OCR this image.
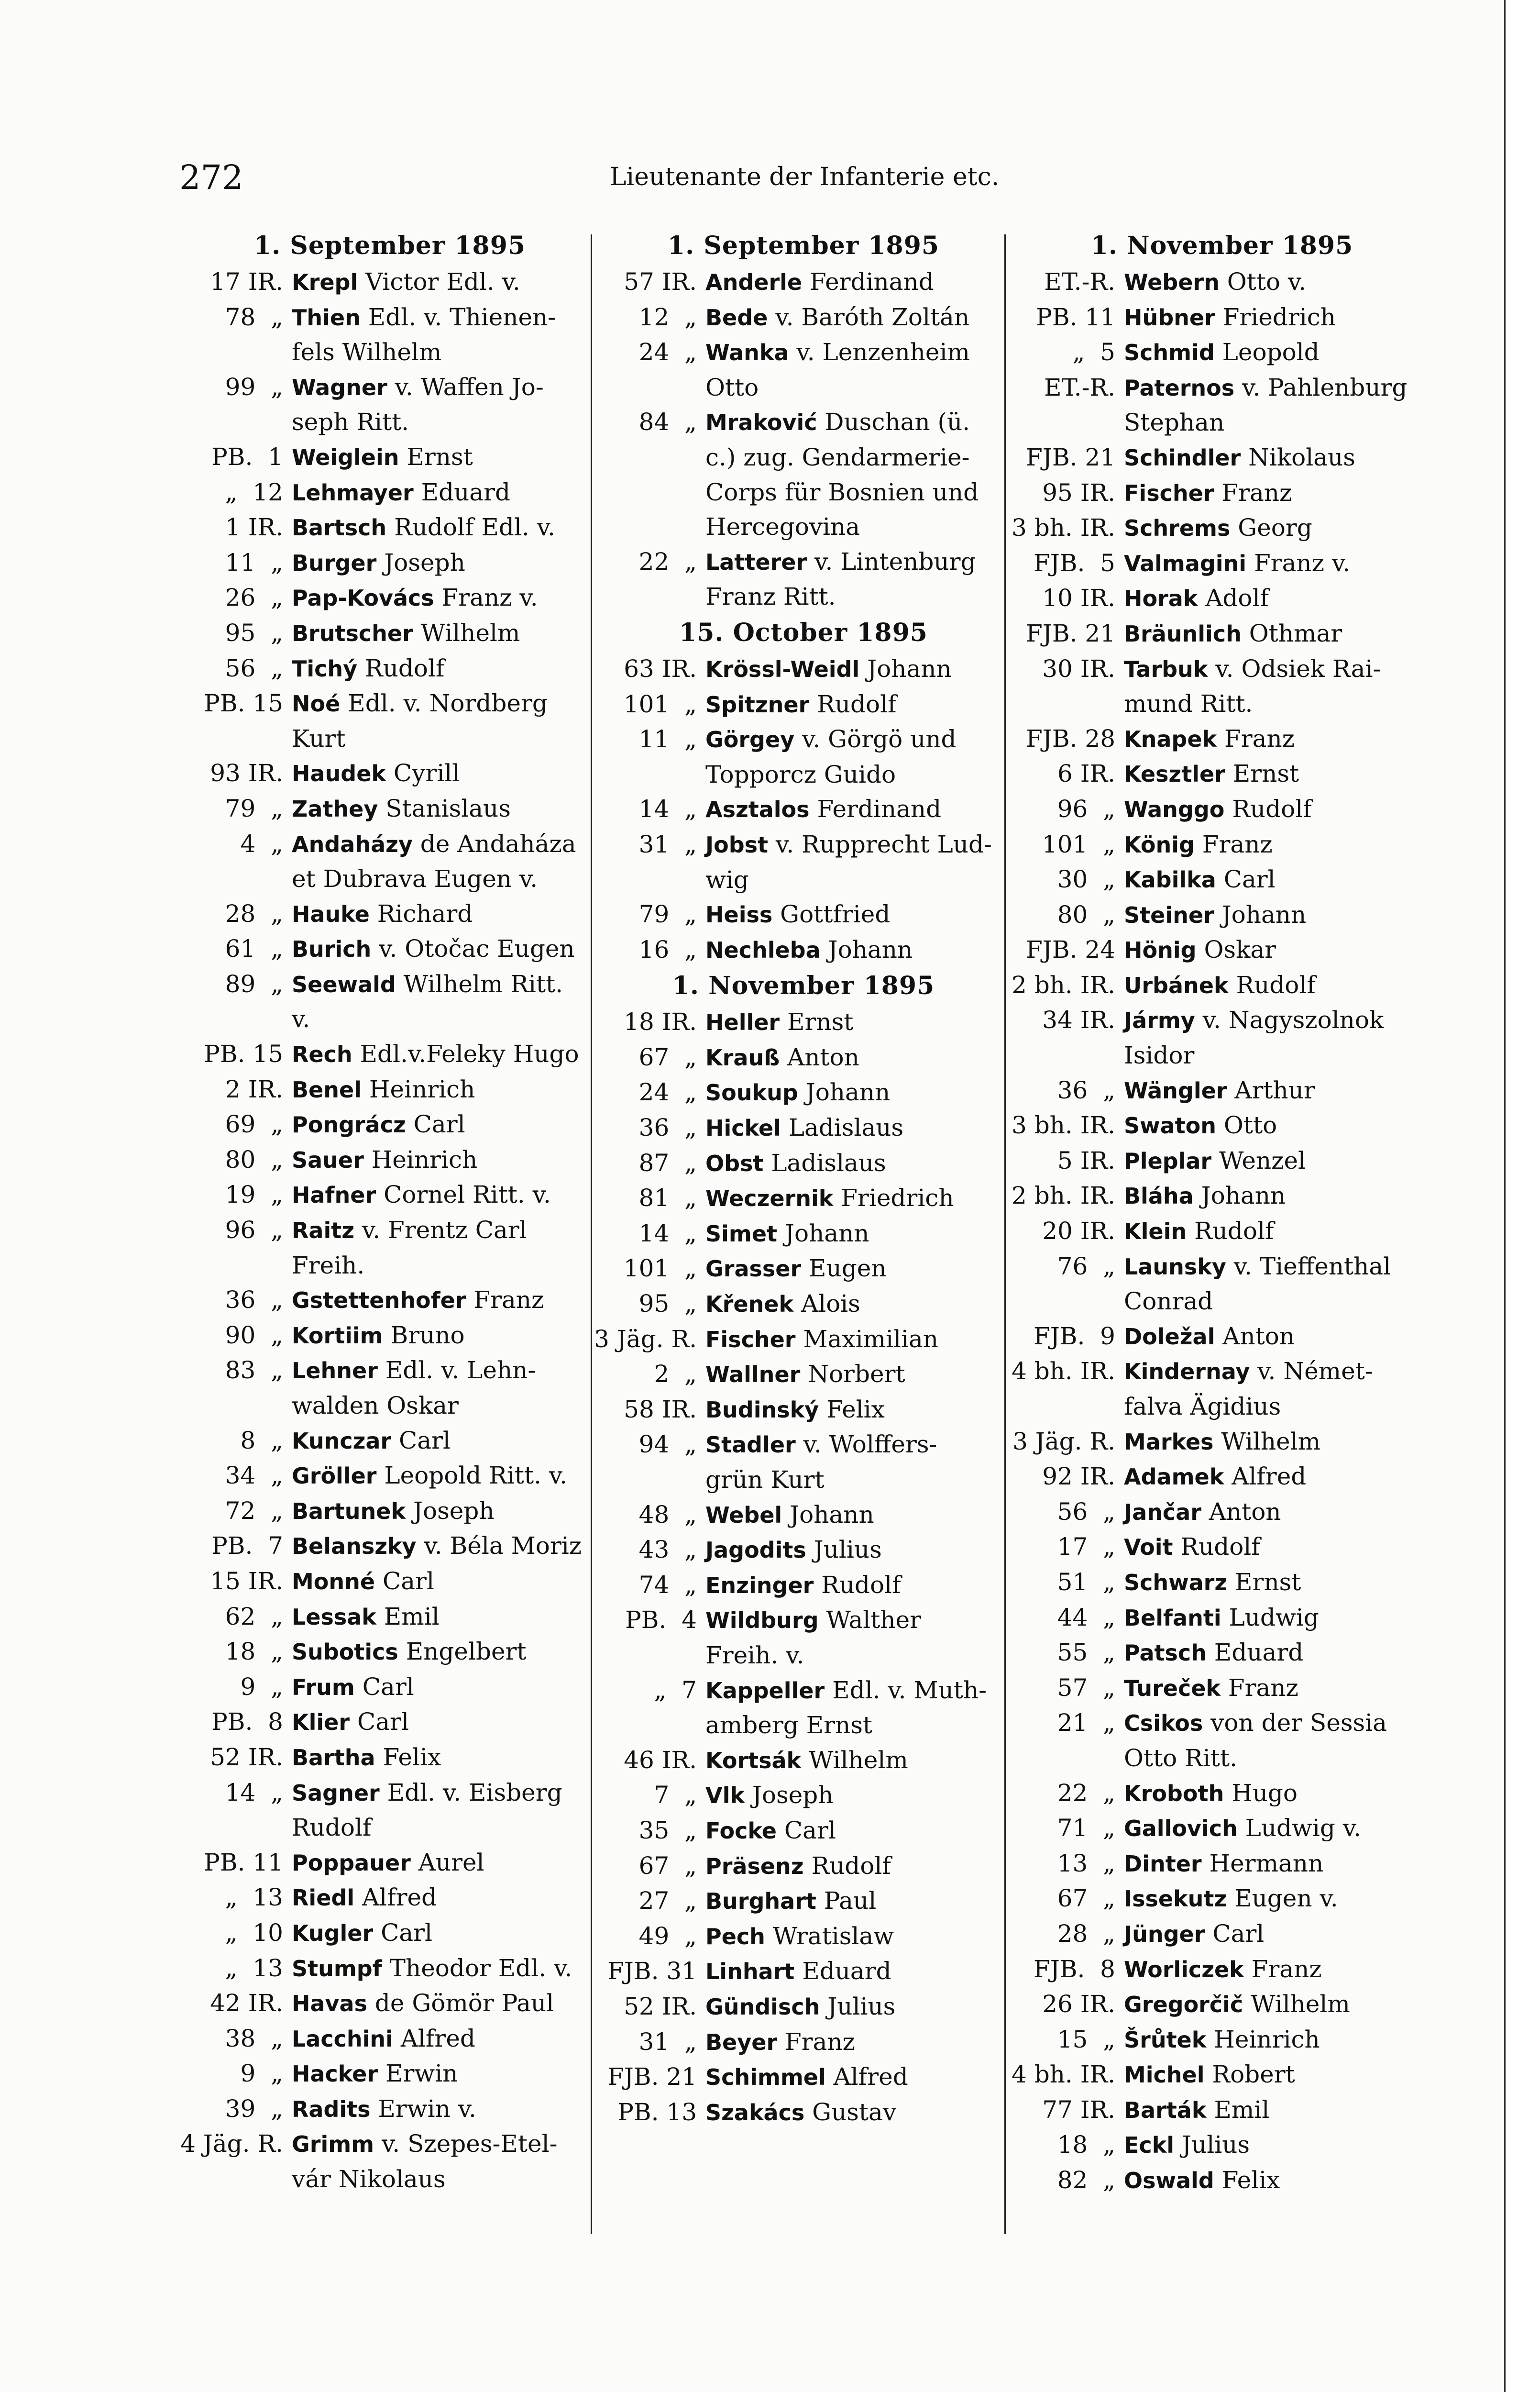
272	Lieutenante der Infanterie etc.
1. September 1895
17 IR. Krepl Victor Edl. v.
78  „ Thien Edl. v. Thienen-
fels Wilhelm
99  „ Wagner v. Waffen Jo-
seph Ritt.
PB.  1 Weiglein Ernst
„  12 Lehmayer Eduard
1 IR. Bartsch Rudolf Edl. v.
11  „ Burger Joseph
26  „ Pap-Kovács Franz v.
95  „ Brutscher Wilhelm
56  „ Tichý Rudolf
PB. 15 Noé Edl. v. Nordberg
Kurt
93 IR. Haudek Cyrill
79  „ Zathey Stanislaus
4  „ Andaházy de Andaháza
et Dubrava Eugen v.
28  „ Hauke Richard
61  „ Burich v. Otočac Eugen
89  „ Seewald Wilhelm Ritt.
v.
PB. 15 Rech Edl.v.Feleky Hugo
2 IR. Benel Heinrich
69  „ Pongrácz Carl
80  „ Sauer Heinrich
19  „ Hafner Cornel Ritt. v.
96  „ Raitz v. Frentz Carl
Freih.
36  „ Gstettenhofer Franz
90  „ Kortiim Bruno
83  „ Lehner Edl. v. Lehn-
walden Oskar
8  „ Kunczar Carl
34  „ Gröller Leopold Ritt. v.
72  „ Bartunek Joseph
PB.  7 Belanszky v. Béla Moriz
15 IR. Monné Carl
62  „ Lessak Emil
18  „ Subotics Engelbert
9  „ Frum Carl
PB.  8 Klier Carl
52 IR. Bartha Felix
14  „ Sagner Edl. v. Eisberg
Rudolf
PB. 11 Poppauer Aurel
„  13 Riedl Alfred
„  10 Kugler Carl
„  13 Stumpf Theodor Edl. v.
42 IR. Havas de Gömör Paul
38  „ Lacchini Alfred
9  „ Hacker Erwin
39  „ Radits Erwin v.
4 Jäg. R. Grimm v. Szepes-Etel-
vár Nikolaus
1. September 1895
57 IR. Anderle Ferdinand
12  „ Bede v. Baróth Zoltán
24  „ Wanka v. Lenzenheim
Otto
84  „ Mraković Duschan (ü.
c.) zug. Gendarmerie-
Corps für Bosnien und
Hercegovina
22  „ Latterer v. Lintenburg
Franz Ritt.
15. October 1895
63 IR. Krössl-Weidl Johann
101  „ Spitzner Rudolf
11  „ Görgey v. Görgö und
Topporcz Guido
14  „ Asztalos Ferdinand
31  „ Jobst v. Rupprecht Lud-
wig
79  „ Heiss Gottfried
16  „ Nechleba Johann
1. November 1895
18 IR. Heller Ernst
67  „ Krauß Anton
24  „ Soukup Johann
36  „ Hickel Ladislaus
87  „ Obst Ladislaus
81  „ Weczernik Friedrich
14  „ Simet Johann
101  „ Grasser Eugen
95  „ Křenek Alois
3 Jäg. R. Fischer Maximilian
2  „ Wallner Norbert
58 IR. Budinský Felix
94  „ Stadler v. Wolffers-
grün Kurt
48  „ Webel Johann
43  „ Jagodits Julius
74  „ Enzinger Rudolf
PB.  4 Wildburg Walther
Freih. v.
„  7 Kappeller Edl. v. Muth-
amberg Ernst
46 IR. Kortsák Wilhelm
7  „ Vlk Joseph
35  „ Focke Carl
67  „ Präsenz Rudolf
27  „ Burghart Paul
49  „ Pech Wratislaw
FJB. 31 Linhart Eduard
52 IR. Gündisch Julius
31  „ Beyer Franz
FJB. 21 Schimmel Alfred
PB. 13 Szakács Gustav
1. November 1895
ET.-R. Webern Otto v.
PB. 11 Hübner Friedrich
„  5 Schmid Leopold
ET.-R. Paternos v. Pahlenburg
Stephan
FJB. 21 Schindler Nikolaus
95 IR. Fischer Franz
3 bh. IR. Schrems Georg
FJB.  5 Valmagini Franz v.
10 IR. Horak Adolf
FJB. 21 Bräunlich Othmar
30 IR. Tarbuk v. Odsiek Rai-
mund Ritt.
FJB. 28 Knapek Franz
6 IR. Kesztler Ernst
96  „ Wanggo Rudolf
101  „ König Franz
30  „ Kabilka Carl
80  „ Steiner Johann
FJB. 24 Hönig Oskar
2 bh. IR. Urbánek Rudolf
34 IR. Jármy v. Nagyszolnok
Isidor
36  „ Wängler Arthur
3 bh. IR. Swaton Otto
5 IR. Pleplar Wenzel
2 bh. IR. Bláha Johann
20 IR. Klein Rudolf
76  „ Launsky v. Tieffenthal
Conrad
FJB.  9 Doležal Anton
4 bh. IR. Kindernay v. Német-
falva Ägidius
3 Jäg. R. Markes Wilhelm
92 IR. Adamek Alfred
56  „ Jančar Anton
17  „ Voit Rudolf
51  „ Schwarz Ernst
44  „ Belfanti Ludwig
55  „ Patsch Eduard
57  „ Tureček Franz
21  „ Csikos von der Sessia
Otto Ritt.
22  „ Kroboth Hugo
71  „ Gallovich Ludwig v.
13  „ Dinter Hermann
67  „ Issekutz Eugen v.
28  „ Jünger Carl
FJB.  8 Worliczek Franz
26 IR. Gregorčič Wilhelm
15  „ Šrůtek Heinrich
4 bh. IR. Michel Robert
77 IR. Barták Emil
18  „ Eckl Julius
82  „ Oswald Felix
